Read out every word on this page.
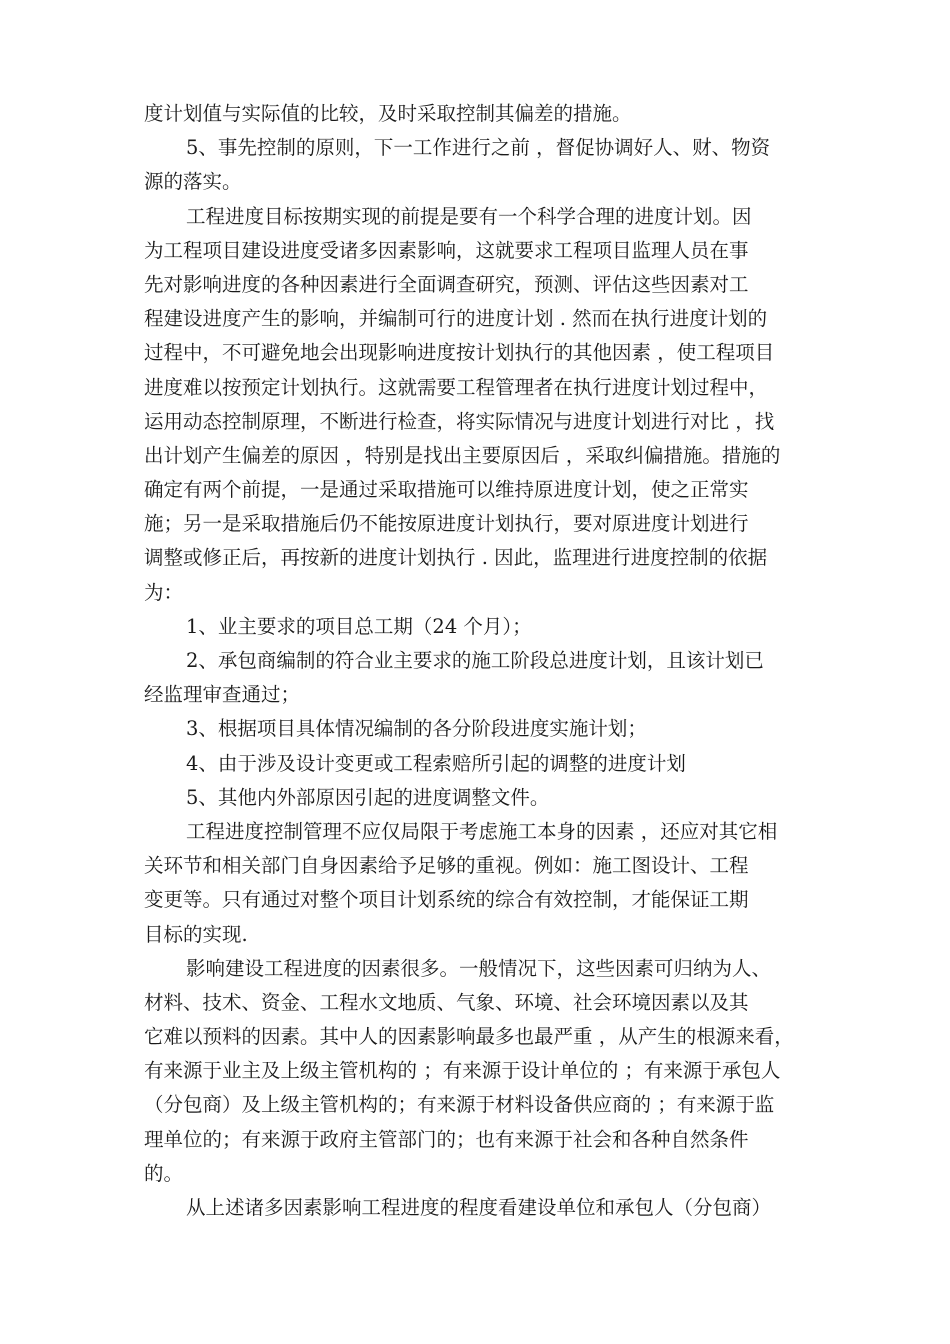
度计划值与实际值的比较，及时采取控制其偏差的措施。
5、事先控制的原则，下一工作进行之前 ，督促协调好人、财、物资
源的落实。
工程进度目标按期实现的前提是要有一个科学合理的进度计划。因
为工程项目建设进度受诸多因素影响，这就要求工程项目监理人员在事
先对影响进度的各种因素进行全面调查研究，预测、评估这些因素对工
程建设进度产生的影响，并编制可行的进度计划 . 然而在执行进度计划的
过程中，不可避免地会出现影响进度按计划执行的其他因素 ，使工程项目
进度难以按预定计划执行。这就需要工程管理者在执行进度计划过程中，
运用动态控制原理，不断进行检查，将实际情况与进度计划进行对比 ，找
出计划产生偏差的原因 ，特别是找出主要原因后 ，采取纠偏措施。措施的
确定有两个前提，一是通过采取措施可以维持原进度计划，使之正常实
施；另一是采取措施后仍不能按原进度计划执行，要对原进度计划进行
调整或修正后，再按新的进度计划执行 . 因此，监理进行进度控制的依据
为：
1、业主要求的项目总工期（24 个月）；
2、承包商编制的符合业主要求的施工阶段总进度计划，且该计划已
经监理审查通过；
3、根据项目具体情况编制的各分阶段进度实施计划；
4、由于涉及设计变更或工程索赔所引起的调整的进度计划
5、其他内外部原因引起的进度调整文件。
工程进度控制管理不应仅局限于考虑施工本身的因素 ，还应对其它相
关环节和相关部门自身因素给予足够的重视。例如：施工图设计、工程
变更等。只有通过对整个项目计划系统的综合有效控制，才能保证工期
目标的实现.
影响建设工程进度的因素很多。一般情况下，这些因素可归纳为人、
材料、技术、资金、工程水文地质、气象、环境、社会环境因素以及其
它难以预料的因素。其中人的因素影响最多也最严重 ，从产生的根源来看，
有来源于业主及上级主管机构的 ；有来源于设计单位的 ；有来源于承包人
（分包商）及上级主管机构的；有来源于材料设备供应商的 ；有来源于监
理单位的；有来源于政府主管部门的；也有来源于社会和各种自然条件
的。
从上述诸多因素影响工程进度的程度看建设单位和承包人（分包商）
